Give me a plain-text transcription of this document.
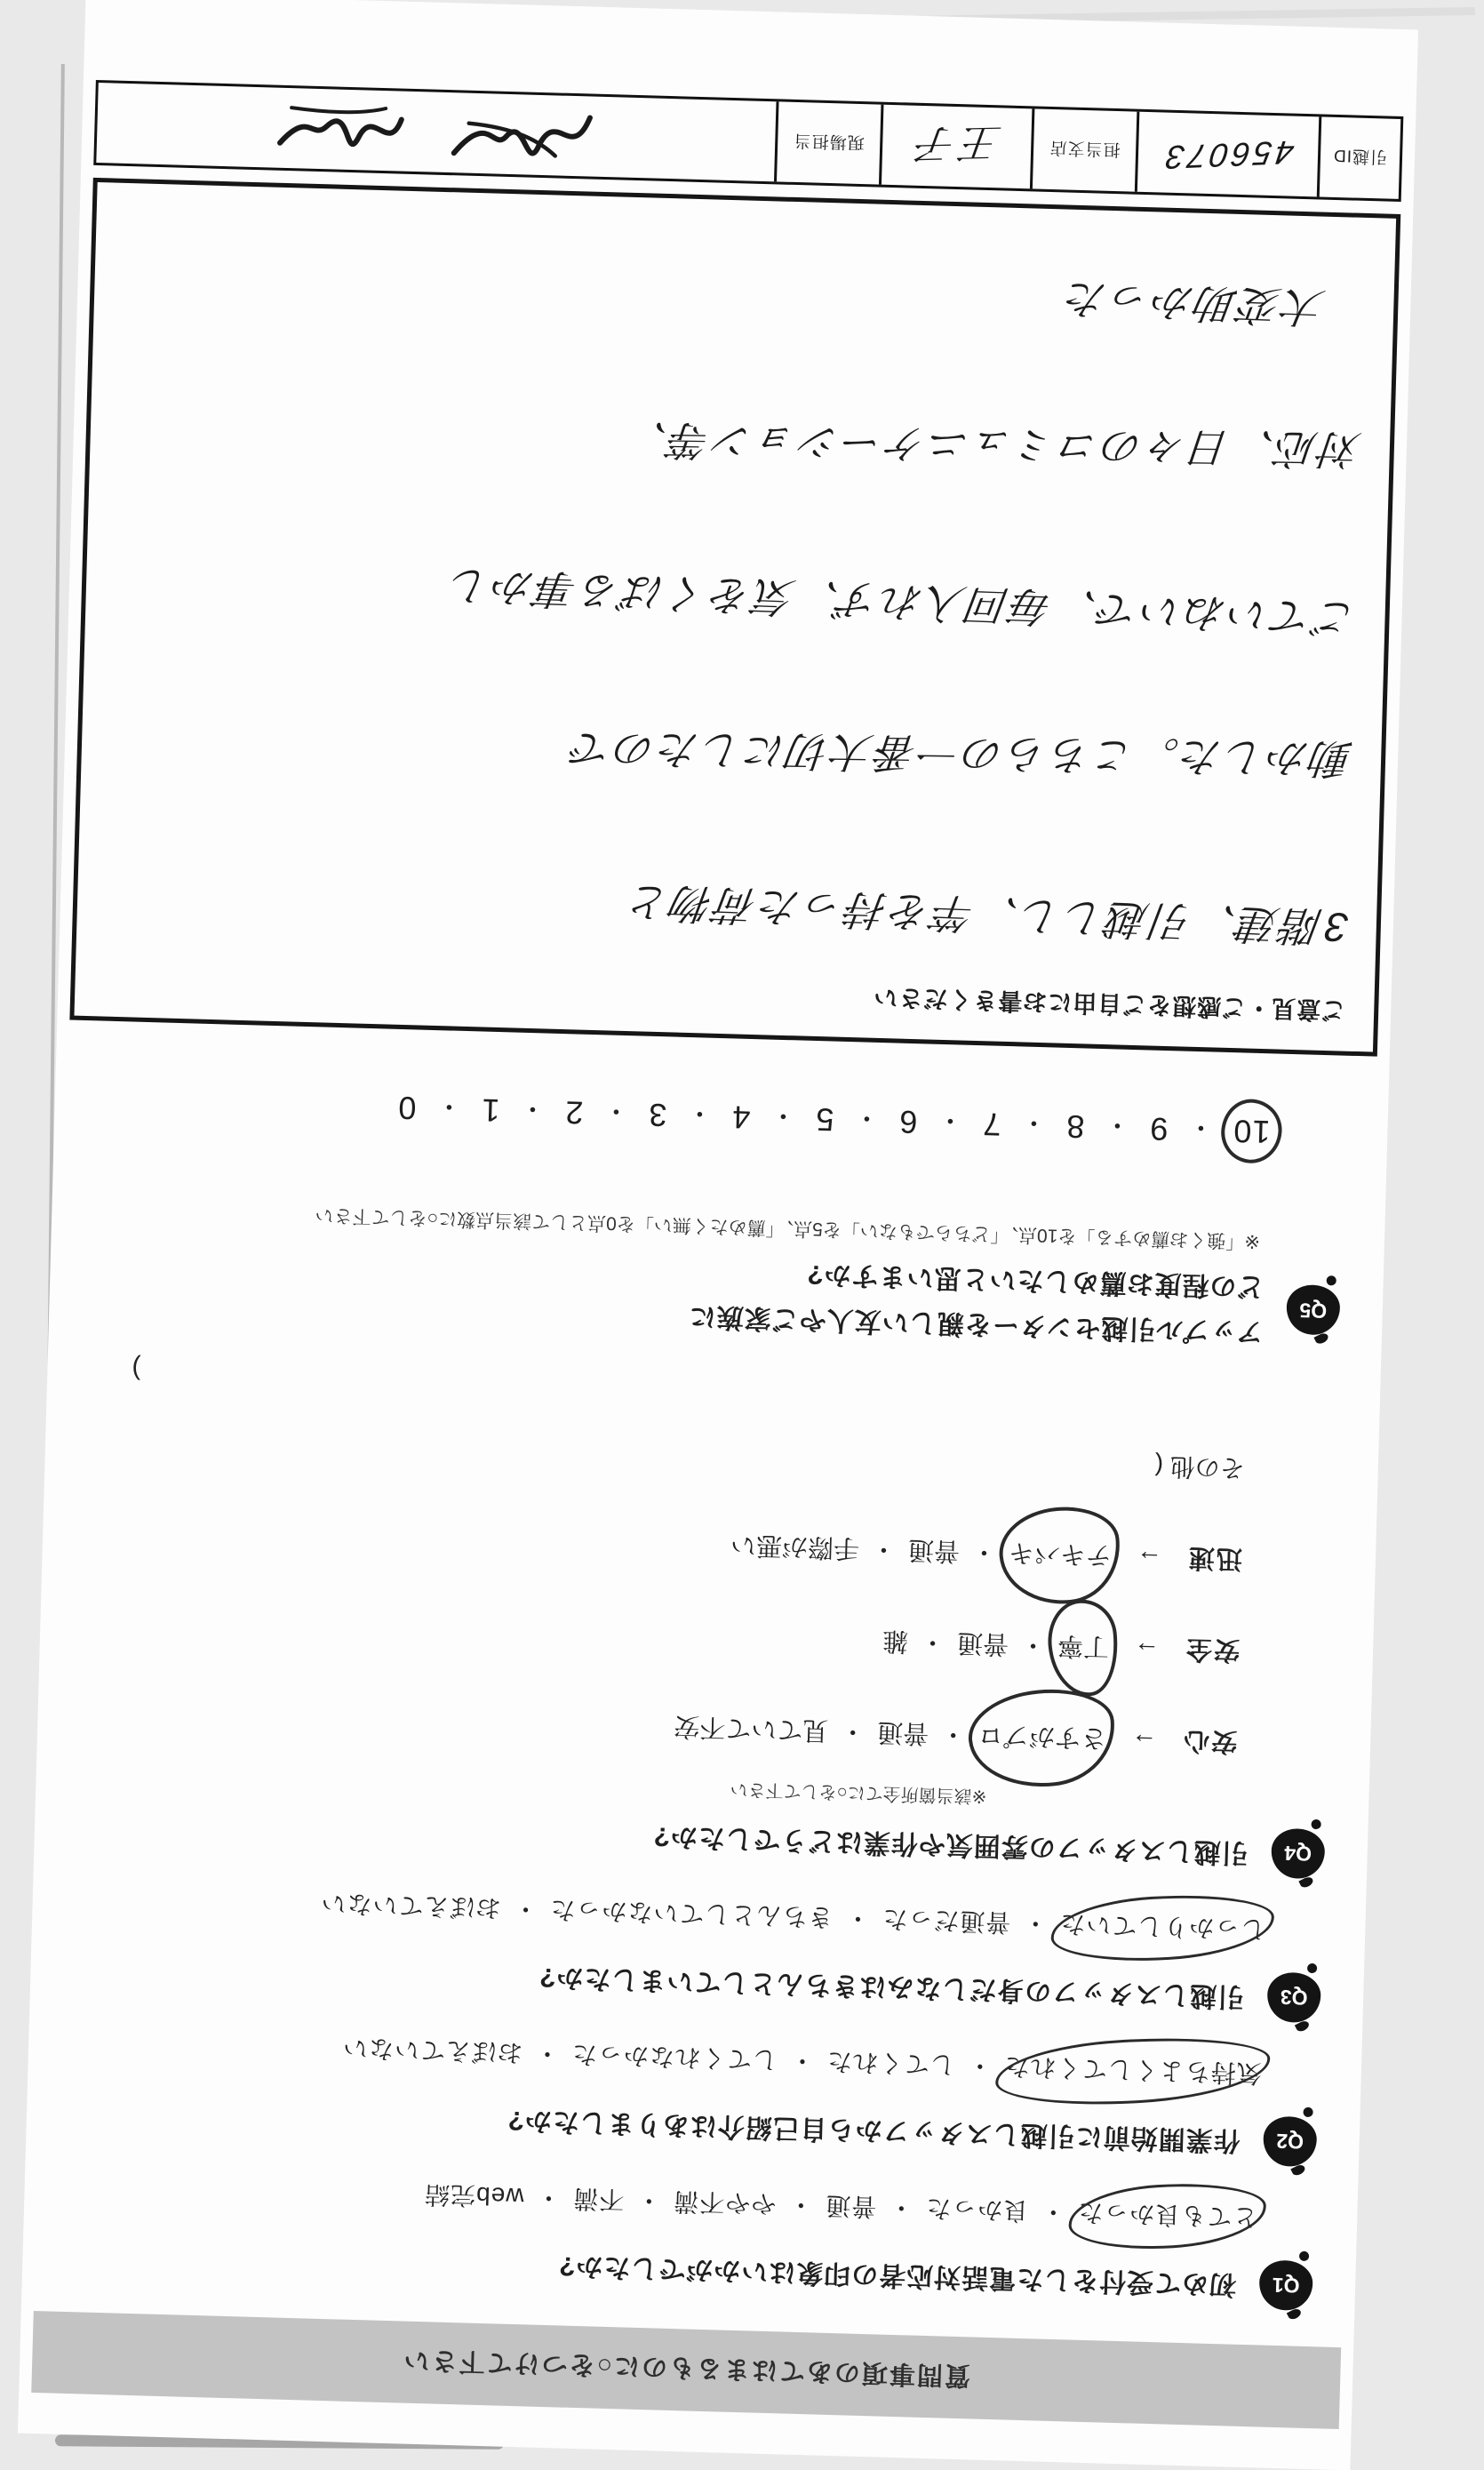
質問事項のあてはまるものに○をつけて下さい
Q1
初めて受付をした電話対応者の印象はいかがでしたか?
とても良かった・良かった・普通・やや不満・不満・web完結
Q2
作業開始前に引越しスタッフから自己紹介はありましたか?
気持ちよくしてくれた・してくれた・してくれなかった・おぼえていない
Q3
引越しスタッフの身だしなみはきちんとしていましたか?
しっかりしていた・普通だった・きちんとしていなかった・おぼえていない
Q4
引越しスタッフの雰囲気や作業はどうでしたか?
※該当箇所全てに○をして下さい
安心
→
さすがプロ
・
普通
・
見ていて不安
安全
→
丁寧
・
普通
・
雑
迅速
→
テキパキ
・
普通
・
手際が悪い
その他 (
)
Q5
アップル引越センターを親しい友人やご家族に
どの程度お薦めしたいと思いますか?
※「強くお薦めする」を10点、「どちらでもない」を5点、「薦めたく無い」を0点として該当点数に○をして下さい
10
・
9
・
8
・
7
・
6
・
5
・
4
・
3
・
2
・
1
・
0
ご意見・ご感想をご自由にお書きください
3階建、引越しし、竿を持った荷物と
動かした。こちらの一番大切にしたので
ごていねいで、毎回入れず、気をくばる事かし
対応、日々のコミュニケーション等、
大変助かった
引越ID
456073
担当支店
王子
現場担当
